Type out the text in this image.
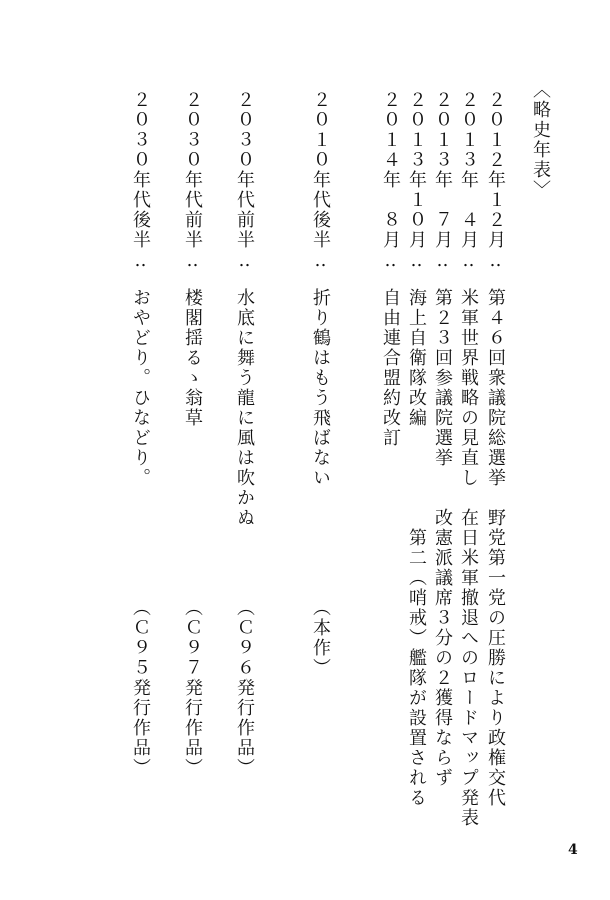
〈略史年表〉
２０１２年１２月
‥
第４６回衆議院総選挙　野党第一党の圧勝により政権交代
２０１３年　４月
‥
米軍世界戦略の見直し　在日米軍撤退へのロードマップ発表
２０１３年　７月
‥
第２３回参議院選挙　　改憲派議席３分の２獲得ならず
２０１３年１０月
‥
海上自衛隊改編　　　　　第二（哨戒）艦隊が設置される
２０１４年　８月
‥
自由連合盟約改訂
２０１０年代後半
‥
折り鶴はもう飛ばない
（本作）
２０３０年代前半
‥
水底に舞う龍に風は吹かぬ
（Ｃ９６発行作品）
２０３０年代前半
‥
楼閣揺るゝ翁草
（Ｃ９７発行作品）
２０３０年代後半
‥
おやどり。ひなどり。
（Ｃ９５発行作品）
4
